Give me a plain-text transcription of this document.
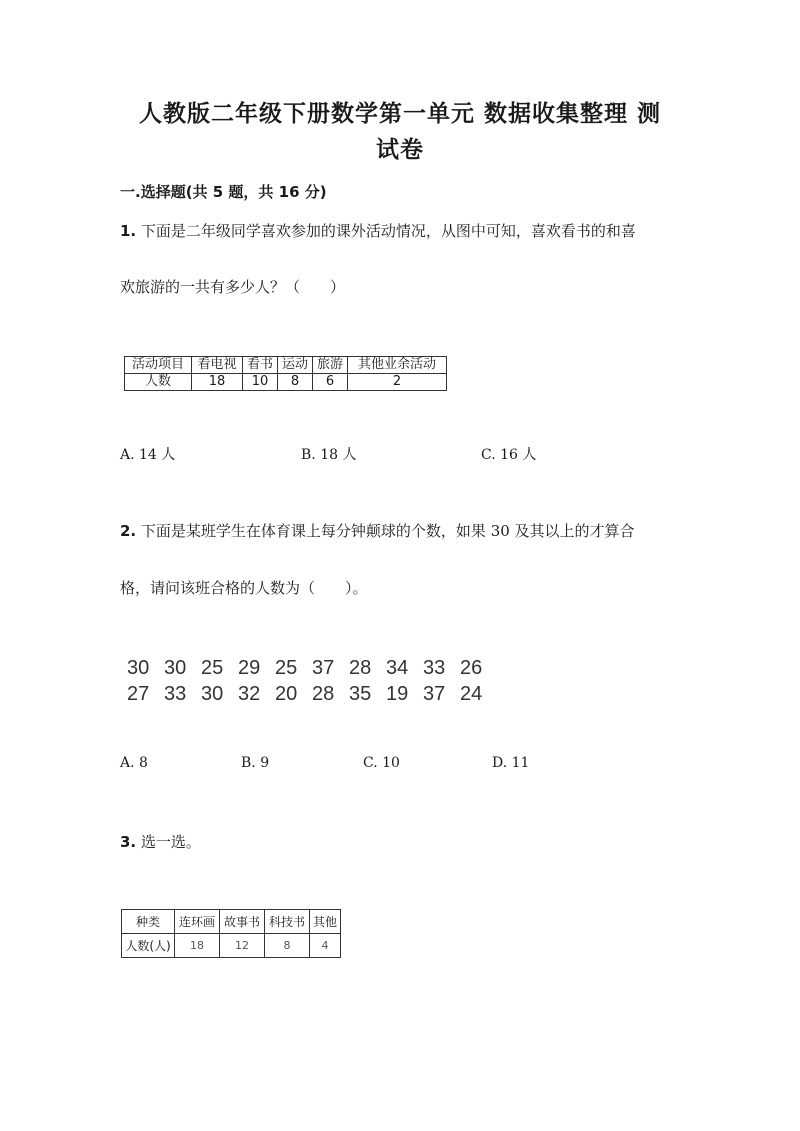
人教版二年级下册数学第一单元 数据收集整理 测
试卷
一.选择题(共 5 题，共 16 分)
1. 下面是二年级同学喜欢参加的课外活动情况，从图中可知，喜欢看书的和喜
欢旅游的一共有多少人？（　　）
活动项目	看电视	看书	运动	旅游	其他业余活动
人数	18	10	8	6	2
A. 14 人	B. 18 人	C. 16 人
2. 下面是某班学生在体育课上每分钟颠球的个数，如果 30 及其以上的才算合
格，请问该班合格的人数为（　　）。
30 30 25 29 25 37 28 34 33 26
27 33 30 32 20 28 35 19 37 24
A. 8	B. 9	C. 10	D. 11
3. 选一选。
种类	连环画	故事书	科技书	其他
人数(人)	18	12	8	4
